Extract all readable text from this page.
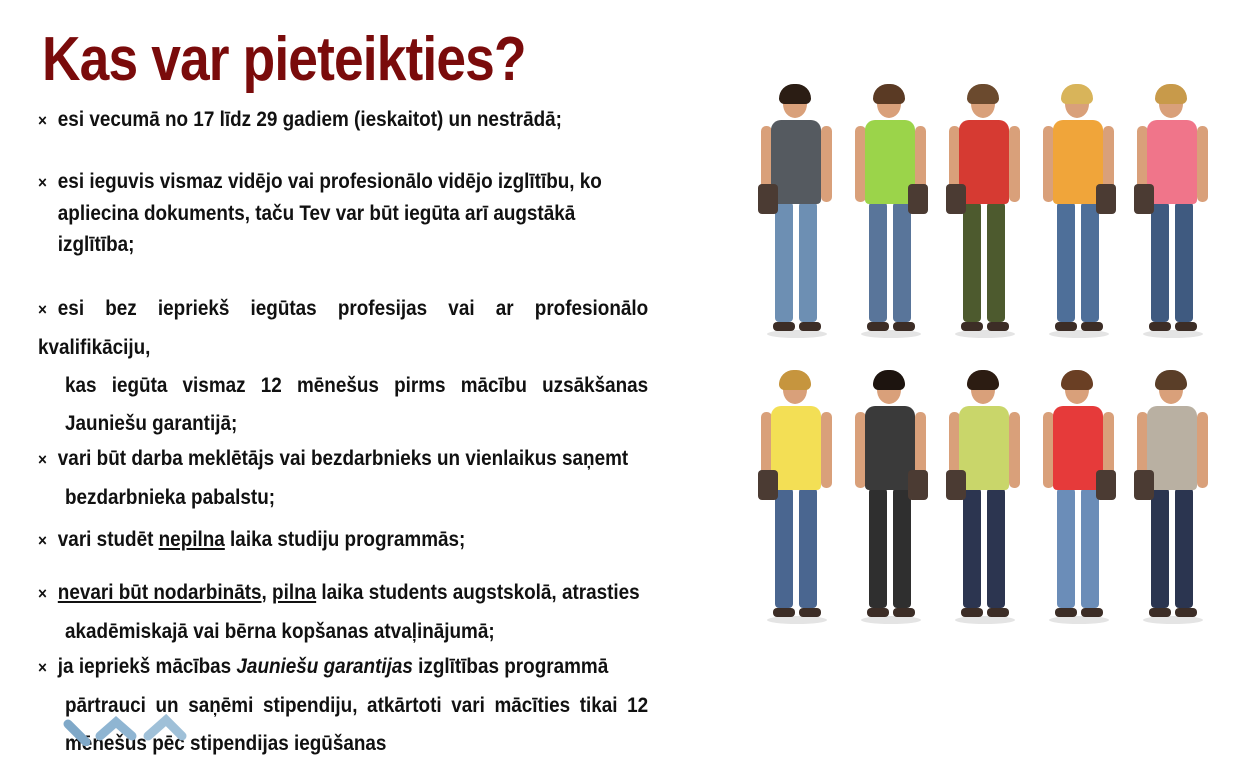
Kas var pieteikties?
× esi vecumā no 17 līdz 29 gadiem (ieskaitot) un nestrādā;
× esi ieguvis vismaz vidējo vai profesionālo vidējo izglītību, ko
apliecina dokuments, taču Tev var būt iegūta arī augstākā
izglītība;
× esi bez iepriekš iegūtas profesijas vai ar profesionālo kvalifikāciju,
kas iegūta vismaz 12 mēnešus pirms mācību uzsākšanas Jauniešu garantijā;
× vari būt darba meklētājs vai bezdarbnieks un vienlaikus saņemt
bezdarbnieka pabalstu;
× vari studēt nepilna laika studiju programmās;
× nevari būt nodarbināts, pilna laika students augstskolā, atrasties
akadēmiskajā vai bērna kopšanas atvaļinājumā;
× ja iepriekš mācības Jauniešu garantijas izglītības programmā
pārtrauci un saņēmi stipendiju, atkārtoti vari mācīties tikai 12 mēnešus pēc stipendijas iegūšanas
